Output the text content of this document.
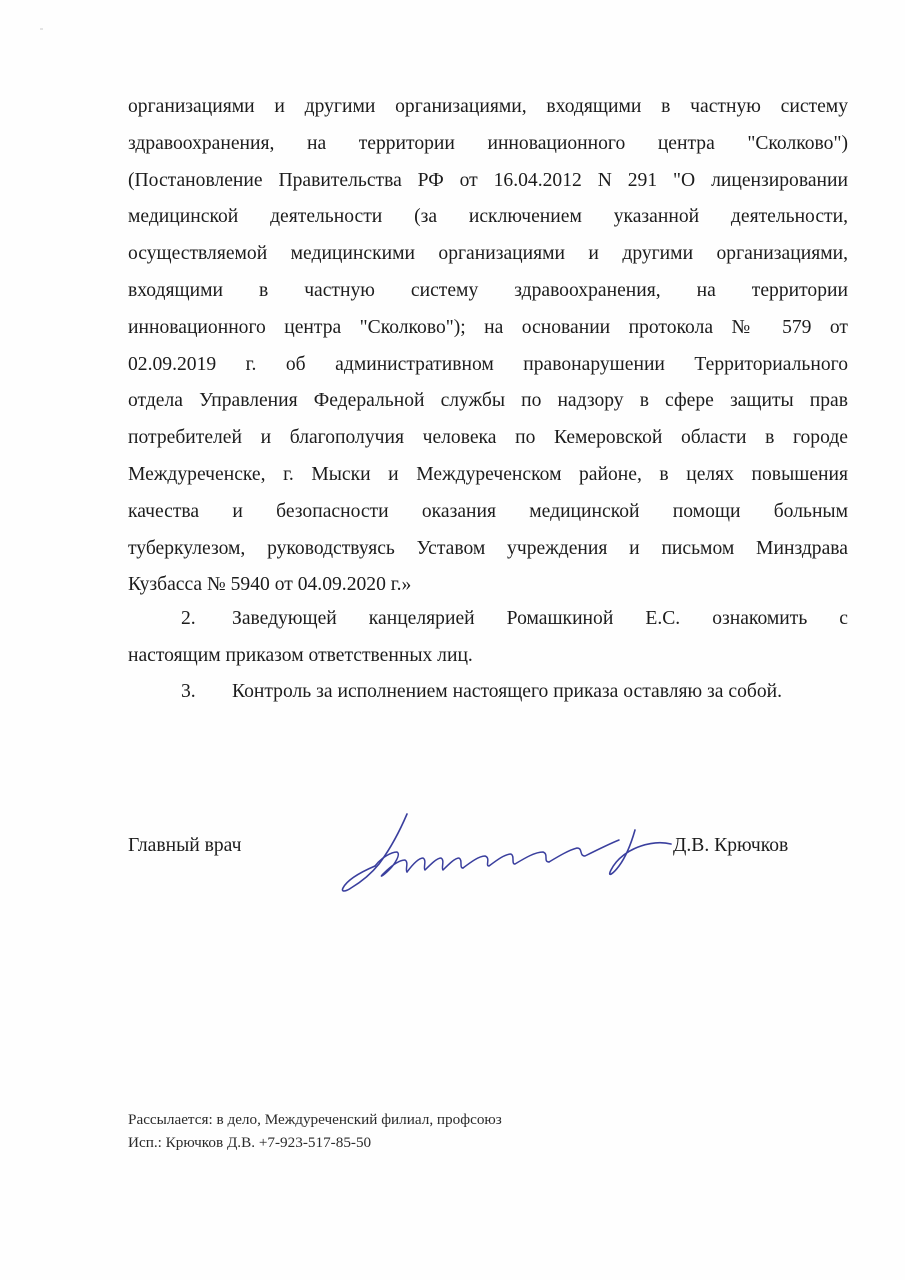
организациями и другими организациями, входящими в частную систему
здравоохранения, на территории инновационного центра "Сколково")
(Постановление Правительства РФ от 16.04.2012 N 291 "О лицензировании
медицинской деятельности (за исключением указанной деятельности,
осуществляемой медицинскими организациями и другими организациями,
входящими в частную систему здравоохранения, на территории
инновационного центра "Сколково"); на основании протокола № 579 от
02.09.2019 г. об административном правонарушении Территориального
отдела Управления Федеральной службы по надзору в сфере защиты прав
потребителей и благополучия человека по Кемеровской области в городе
Междуреченске, г. Мыски и Междуреченском районе, в целях повышения
качества и безопасности оказания медицинской помощи больным
туберкулезом, руководствуясь Уставом учреждения и письмом Минздрава
Кузбасса № 5940 от 04.09.2020 г.»
2. Заведующей канцелярией Ромашкиной Е.С. ознакомить с
настоящим приказом ответственных лиц.
3. Контроль за исполнением настоящего приказа оставляю за собой.
Главный врач	Д.В. Крючков
Рассылается: в дело, Междуреченский филиал, профсоюз
Исп.: Крючков Д.В. +7-923-517-85-50
